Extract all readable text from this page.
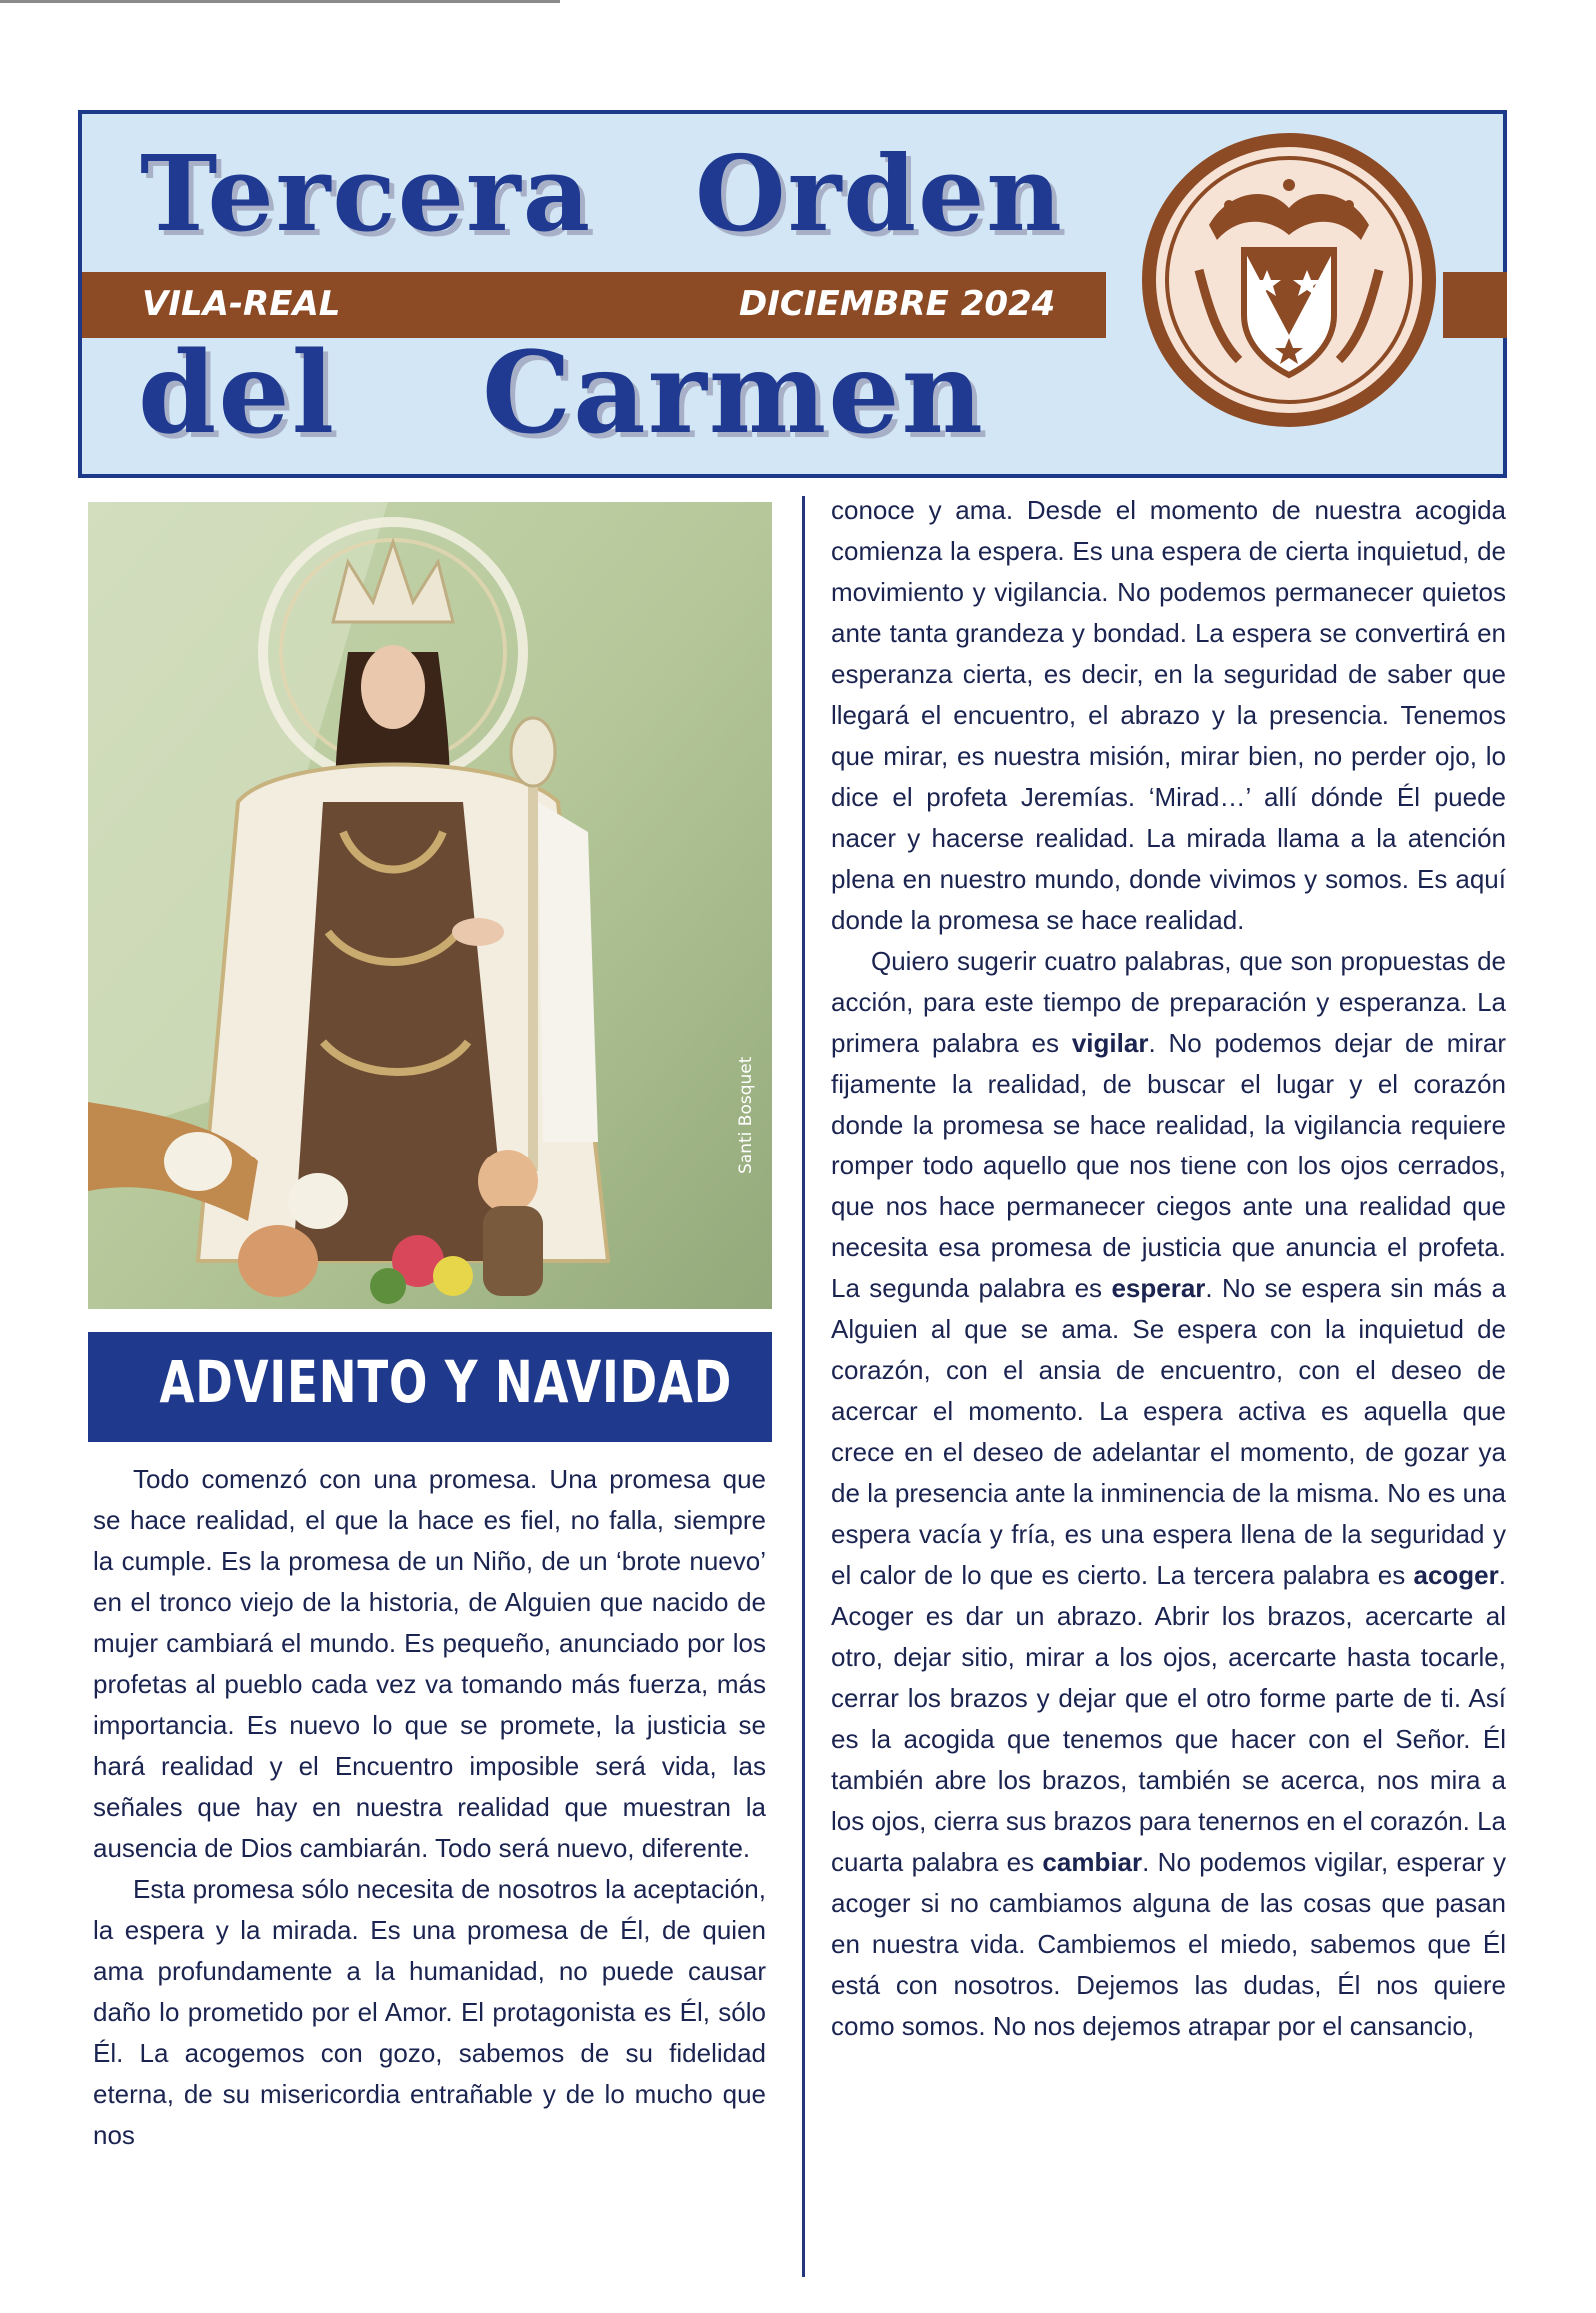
VILA-REAL	DICIEMBRE 2024
Tercera Orden
del Carmen
Santi Bosquet
ADVIENTO Y NAVIDAD

Todo comenzó con una promesa. Una promesa que se hace realidad, el que la hace es fiel, no falla, siempre la cumple. Es la promesa de un Niño, de un ‘brote nuevo’ en el tronco viejo de la historia, de Alguien que nacido de mujer cambiará el mundo. Es pequeño, anunciado por los profetas al pueblo cada vez va tomando más fuerza, más importancia. Es nuevo lo que se promete, la justicia se hará realidad y el Encuentro imposible será vida, las señales que hay en nuestra realidad que muestran la ausencia de Dios cambiarán. Todo será nuevo, diferente.

Esta promesa sólo necesita de nosotros la aceptación, la espera y la mirada. Es una promesa de Él, de quien ama profundamente a la humanidad, no puede causar daño lo prometido por el Amor. El protagonista es Él, sólo Él. La acogemos con gozo, sabemos de su fidelidad eterna, de su misericordia entrañable y de lo mucho que nos

conoce y ama. Desde el momento de nuestra acogida comienza la espera. Es una espera de cierta inquietud, de movimiento y vigilancia. No podemos permanecer quietos ante tanta grandeza y bondad. La espera se convertirá en esperanza cierta, es decir, en la seguridad de saber que llegará el encuentro, el abrazo y la presencia. Tenemos que mirar, es nuestra misión, mirar bien, no perder ojo, lo dice el profeta Jeremías. ‘Mirad…’ allí dónde Él puede nacer y hacerse realidad. La mirada llama a la atención plena en nuestro mundo, donde vivimos y somos. Es aquí donde la promesa se hace realidad.

Quiero sugerir cuatro palabras, que son propuestas de acción, para este tiempo de preparación y esperanza. La primera palabra es vigilar. No podemos dejar de mirar fijamente la realidad, de buscar el lugar y el corazón donde la promesa se hace realidad, la vigilancia requiere romper todo aquello que nos tiene con los ojos cerrados, que nos hace permanecer ciegos ante una realidad que necesita esa promesa de justicia que anuncia el profeta. La segunda palabra es esperar. No se espera sin más a Alguien al que se ama. Se espera con la inquietud de corazón, con el ansia de encuentro, con el deseo de acercar el momento. La espera activa es aquella que crece en el deseo de adelantar el momento, de gozar ya de la presencia ante la inminencia de la misma. No es una espera vacía y fría, es una espera llena de la seguridad y el calor de lo que es cierto. La tercera palabra es acoger. Acoger es dar un abrazo. Abrir los brazos, acercarte al otro, dejar sitio, mirar a los ojos, acercarte hasta tocarle, cerrar los brazos y dejar que el otro forme parte de ti. Así es la acogida que tenemos que hacer con el Señor. Él también abre los brazos, también se acerca, nos mira a los ojos, cierra sus brazos para tenernos en el corazón. La cuarta palabra es cambiar. No podemos vigilar, esperar y acoger si no cambiamos alguna de las cosas que pasan en nuestra vida. Cambiemos el miedo, sabemos que Él está con nosotros. Dejemos las dudas, Él nos quiere como somos. No nos dejemos atrapar por el cansancio,
